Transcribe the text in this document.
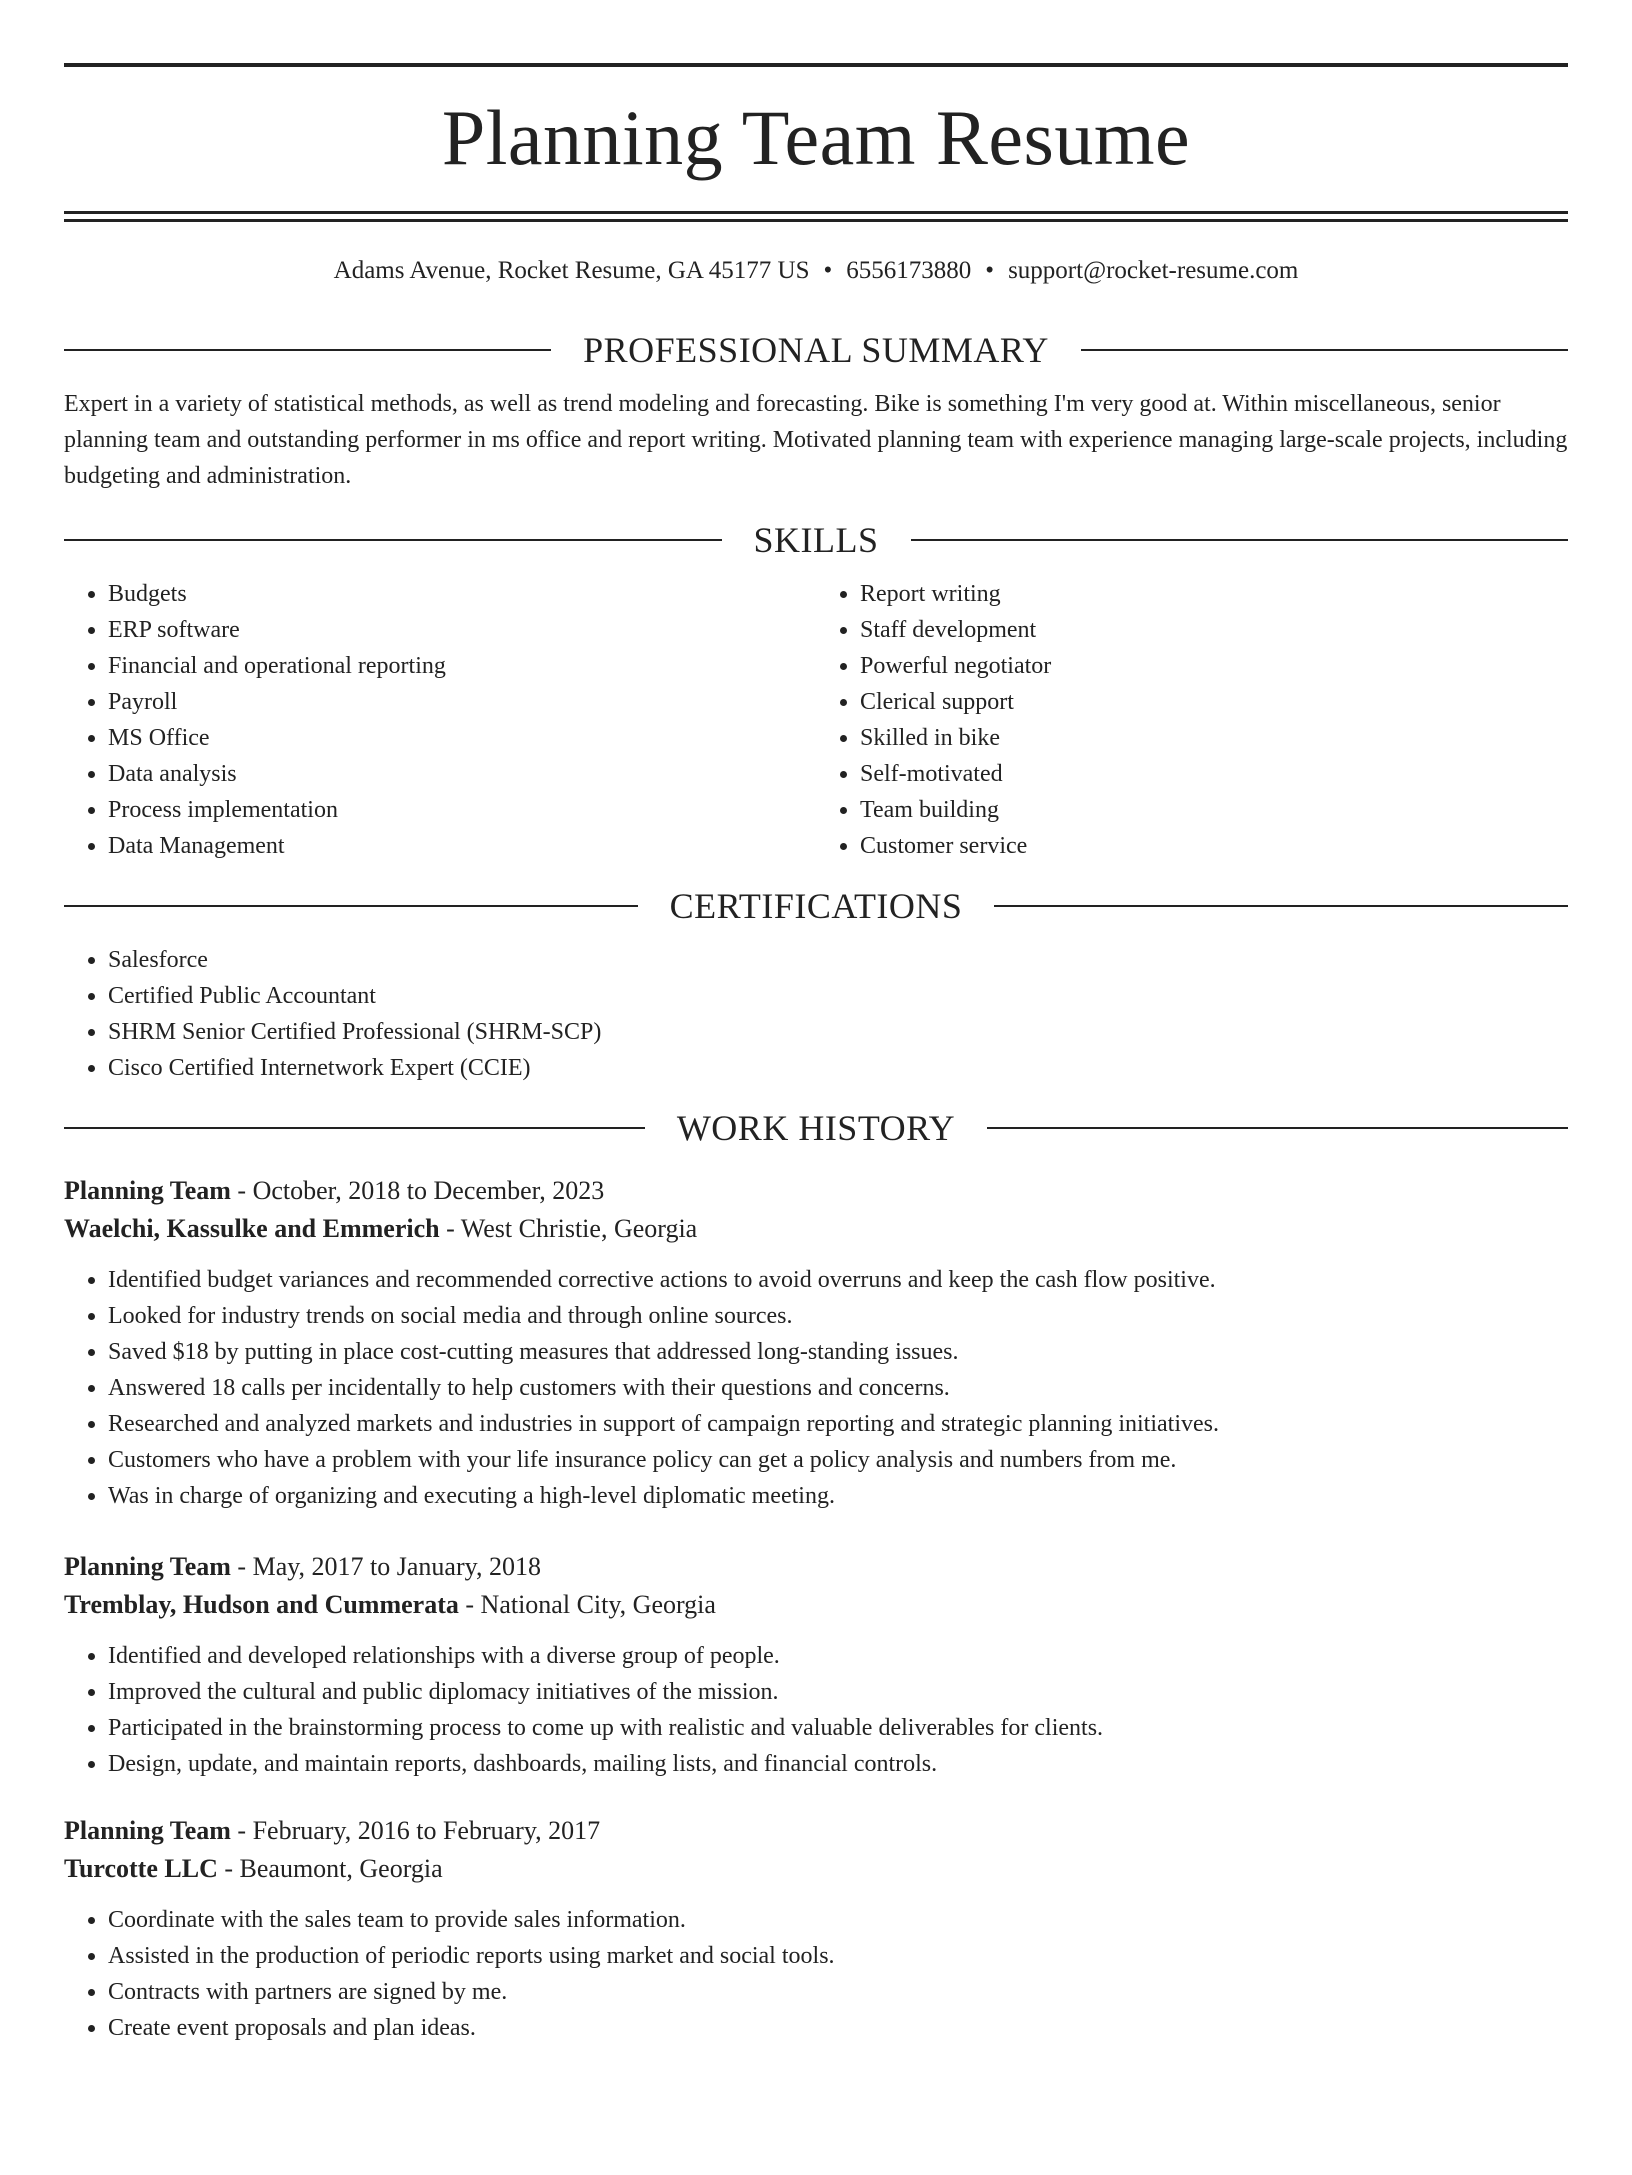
Planning Team Resume
Adams Avenue, Rocket Resume, GA 45177 US • 6556173880 • support@rocket-resume.com
PROFESSIONAL SUMMARY
Expert in a variety of statistical methods, as well as trend modeling and forecasting. Bike is something I'm very good at. Within miscellaneous, senior planning team and outstanding performer in ms office and report writing. Motivated planning team with experience managing large-scale projects, including budgeting and administration.
SKILLS
• Budgets
• ERP software
• Financial and operational reporting
• Payroll
• MS Office
• Data analysis
• Process implementation
• Data Management
• Report writing
• Staff development
• Powerful negotiator
• Clerical support
• Skilled in bike
• Self-motivated
• Team building
• Customer service
CERTIFICATIONS
• Salesforce
• Certified Public Accountant
• SHRM Senior Certified Professional (SHRM-SCP)
• Cisco Certified Internetwork Expert (CCIE)
WORK HISTORY
Planning Team - October, 2018 to December, 2023
Waelchi, Kassulke and Emmerich - West Christie, Georgia
• Identified budget variances and recommended corrective actions to avoid overruns and keep the cash flow positive.
• Looked for industry trends on social media and through online sources.
• Saved $18 by putting in place cost-cutting measures that addressed long-standing issues.
• Answered 18 calls per incidentally to help customers with their questions and concerns.
• Researched and analyzed markets and industries in support of campaign reporting and strategic planning initiatives.
• Customers who have a problem with your life insurance policy can get a policy analysis and numbers from me.
• Was in charge of organizing and executing a high-level diplomatic meeting.
Planning Team - May, 2017 to January, 2018
Tremblay, Hudson and Cummerata - National City, Georgia
• Identified and developed relationships with a diverse group of people.
• Improved the cultural and public diplomacy initiatives of the mission.
• Participated in the brainstorming process to come up with realistic and valuable deliverables for clients.
• Design, update, and maintain reports, dashboards, mailing lists, and financial controls.
Planning Team - February, 2016 to February, 2017
Turcotte LLC - Beaumont, Georgia
• Coordinate with the sales team to provide sales information.
• Assisted in the production of periodic reports using market and social tools.
• Contracts with partners are signed by me.
• Create event proposals and plan ideas.
